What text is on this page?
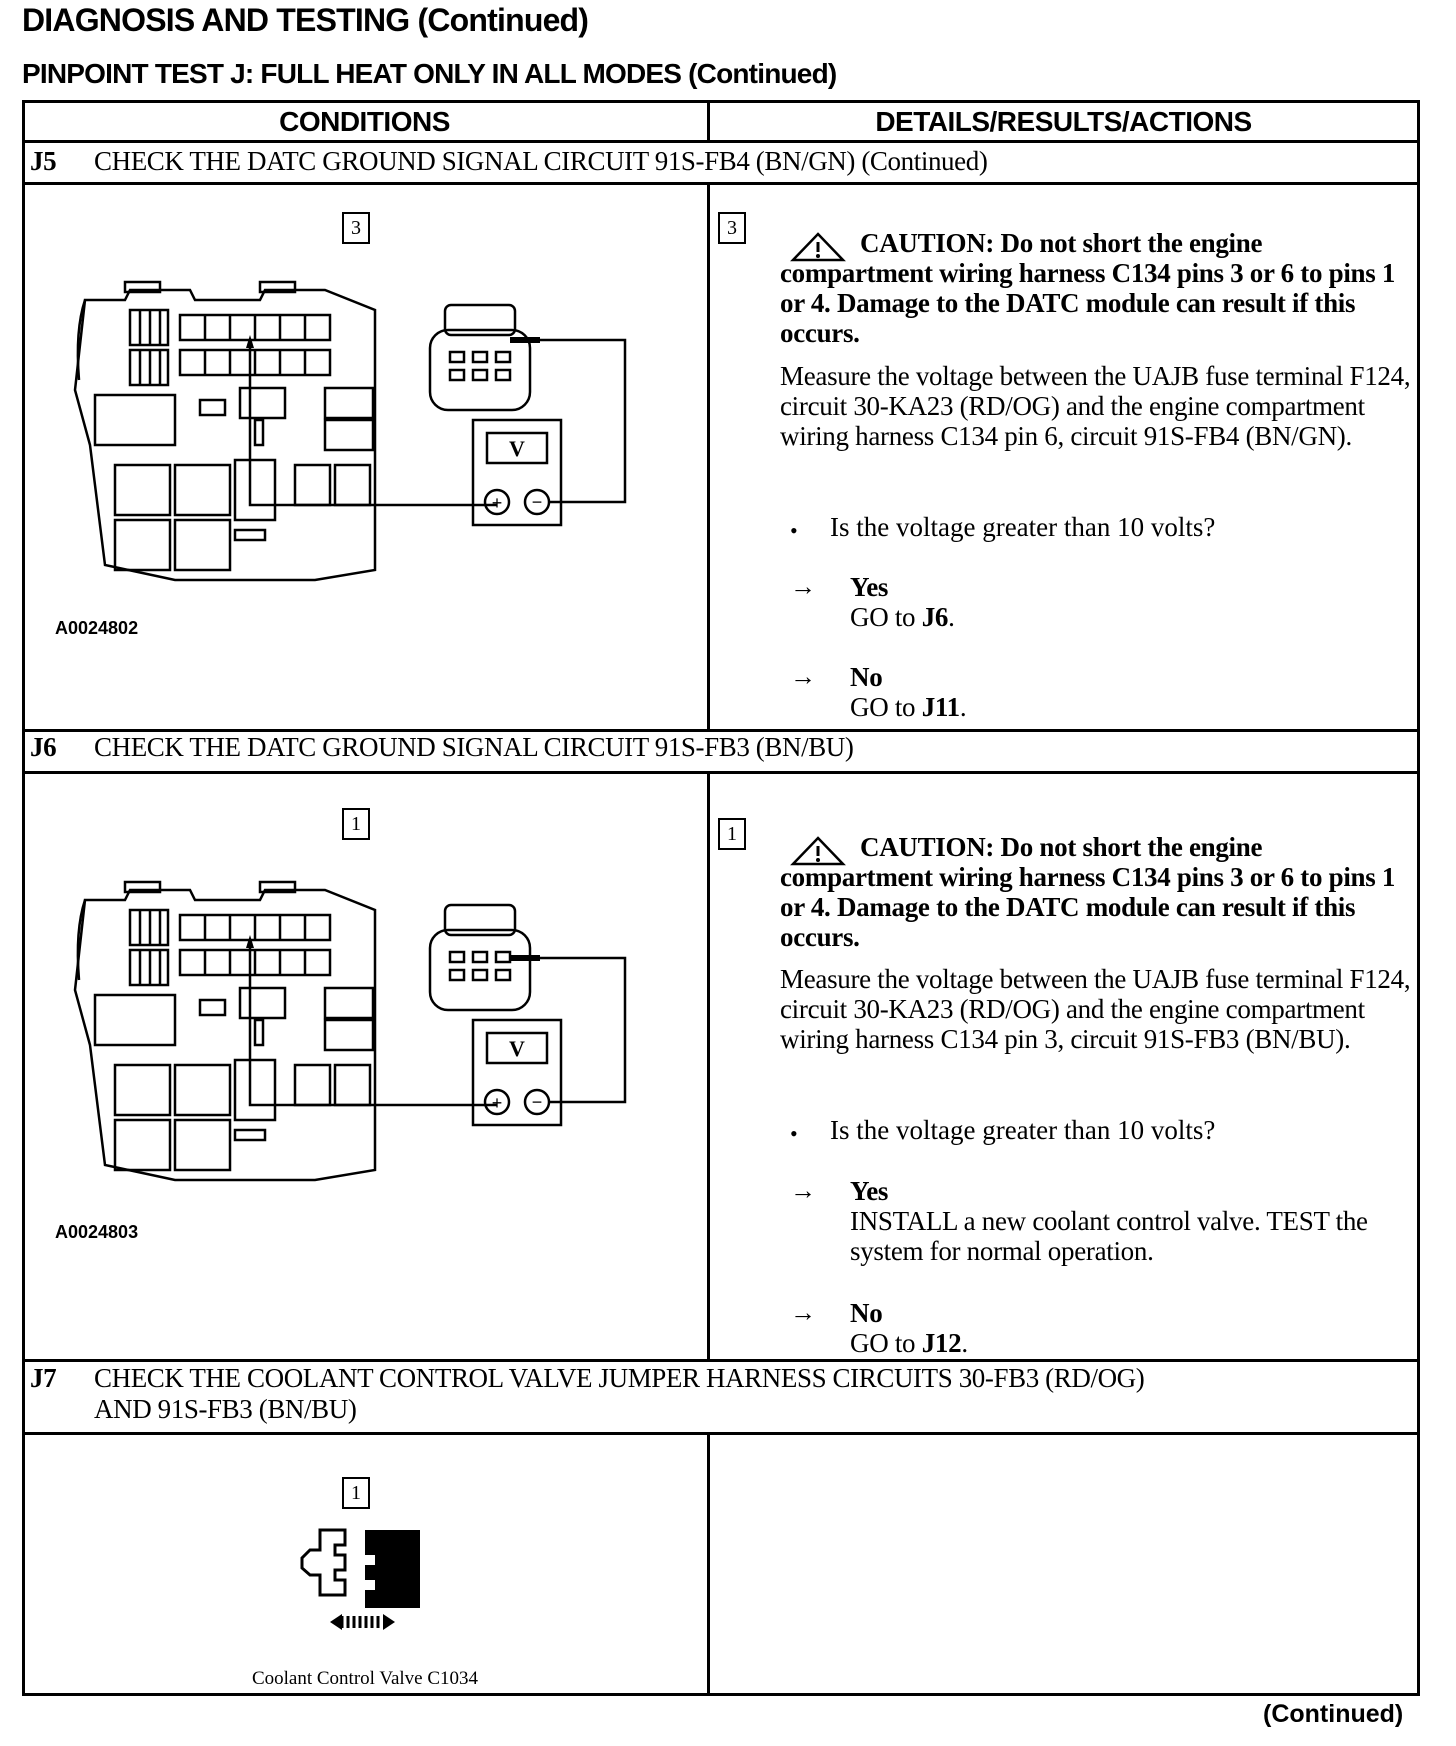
DIAGNOSIS AND TESTING (Continued)
PINPOINT TEST J: FULL HEAT ONLY IN ALL MODES (Continued)
CONDITIONS	DETAILS/RESULTS/ACTIONS
J5 CHECK THE DATC GROUND SIGNAL CIRCUIT 91S-FB4 (BN/GN) (Continued)
3
V
+ −
A0024802
3	CAUTION: Do not short the engine
compartment wiring harness C134 pins 3 or 6 to pins 1 or 4. Damage to the DATC module can result if this occurs.
Measure the voltage between the UAJB fuse terminal F124, circuit 30-KA23 (RD/OG) and the engine compartment wiring harness C134 pin 6, circuit 91S-FB4 (BN/GN).
• Is the voltage greater than 10 volts?
→ Yes
GO to J6.
→ No
GO to J11.
J6 CHECK THE DATC GROUND SIGNAL CIRCUIT 91S-FB3 (BN/BU)
1
V
+ −
A0024803
1	CAUTION: Do not short the engine
compartment wiring harness C134 pins 3 or 6 to pins 1 or 4. Damage to the DATC module can result if this occurs.
Measure the voltage between the UAJB fuse terminal F124, circuit 30-KA23 (RD/OG) and the engine compartment wiring harness C134 pin 3, circuit 91S-FB3 (BN/BU).
• Is the voltage greater than 10 volts?
→ Yes
INSTALL a new coolant control valve. TEST the system for normal operation.
→ No
GO to J12.
J7 CHECK THE COOLANT CONTROL VALVE JUMPER HARNESS CIRCUITS 30-FB3 (RD/OG)
AND 91S-FB3 (BN/BU)
1
Coolant Control Valve C1034
(Continued)
